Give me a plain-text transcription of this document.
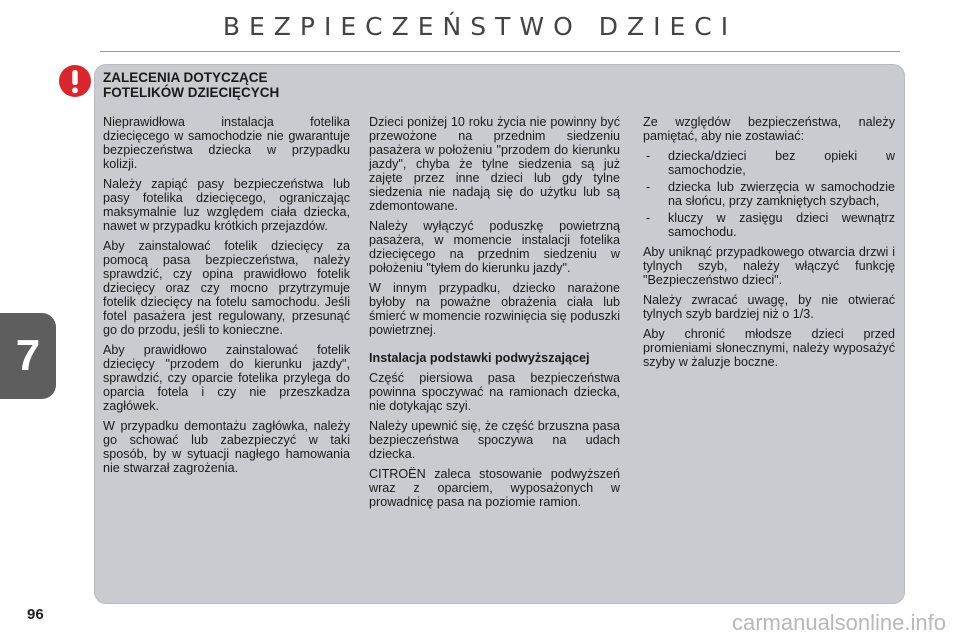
BEZPIECZEŃSTWO DZIECI
ZALECENIA DOTYCZĄCE
FOTELIKÓW DZIECIĘCYCH

Nieprawidłowa instalacja fotelika dziecięcego w samochodzie nie gwarantuje bezpieczeństwa dziecka w przypadku kolizji.

Należy zapiąć pasy bezpieczeństwa lub pasy fotelika dziecięcego, ograniczając maksymalnie luz względem ciała dziecka, nawet w przypadku krótkich przejazdów.

Aby zainstalować fotelik dziecięcy za pomocą pasa bezpieczeństwa, należy sprawdzić, czy opina prawidłowo fotelik dziecięcy oraz czy mocno przytrzymuje fotelik dziecięcy na fotelu samochodu. Jeśli fotel pasażera jest regulowany, przesunąć go do przodu, jeśli to konieczne.

Aby prawidłowo zainstalować fotelik dziecięcy "przodem do kierunku jazdy", sprawdzić, czy oparcie fotelika przylega do oparcia fotela i czy nie przeszkadza zagłówek.

W przypadku demontażu zagłówka, należy go schować lub zabezpieczyć w taki sposób, by w sytuacji nagłego hamowania nie stwarzał zagrożenia.

Dzieci poniżej 10 roku życia nie powinny być przewożone na przednim siedzeniu pasażera w położeniu "przodem do kierunku jazdy", chyba że tylne siedzenia są już zajęte przez inne dzieci lub gdy tylne siedzenia nie nadają się do użytku lub są zdemontowane.

Należy wyłączyć poduszkę powietrzną pasażera, w momencie instalacji fotelika dziecięcego na przednim siedzeniu w położeniu "tyłem do kierunku jazdy".

W innym przypadku, dziecko narażone byłoby na poważne obrażenia ciała lub śmierć w momencie rozwinięcia się poduszki powietrznej.

Instalacja podstawki podwyższającej

Część piersiowa pasa bezpieczeństwa powinna spoczywać na ramionach dziecka, nie dotykając szyi.

Należy upewnić się, że część brzuszna pasa bezpieczeństwa spoczywa na udach dziecka.

CITROËN zaleca stosowanie podwyższeń wraz z oparciem, wyposażonych w prowadnicę pasa na poziomie ramion.

Ze względów bezpieczeństwa, należy pamiętać, aby nie zostawiać:

- dziecka/dzieci bez opieki w samochodzie,
- dziecka lub zwierzęcia w samochodzie na słońcu, przy zamkniętych szybach,
- kluczy w zasięgu dzieci wewnątrz samochodu.

Aby uniknąć przypadkowego otwarcia drzwi i tylnych szyb, należy włączyć funkcję "Bezpieczeństwo dzieci".

Należy zwracać uwagę, by nie otwierać tylnych szyb bardziej niż o 1/3.

Aby chronić młodsze dzieci przed promieniami słonecznymi, należy wyposażyć szyby w żaluzje boczne.

7
96	carmanualsonline.info
